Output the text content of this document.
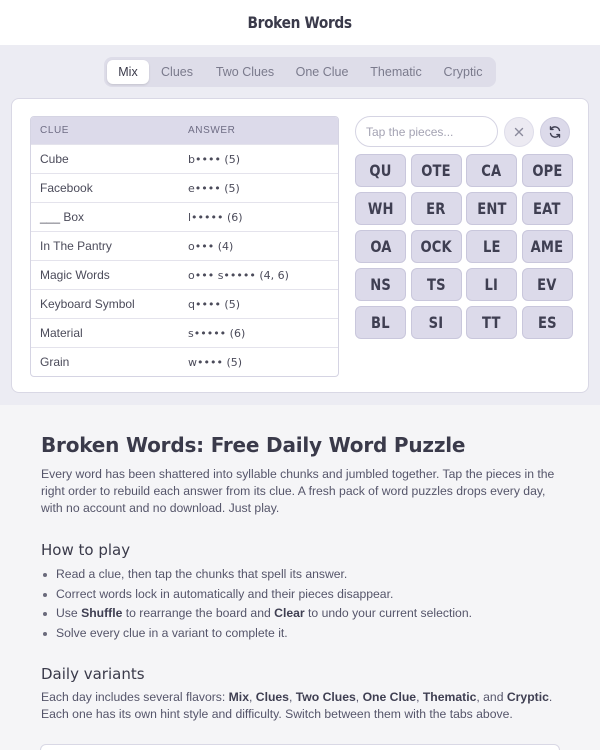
Broken Words
Mix	Clues	Two Clues	One Clue	Thematic	Cryptic
CLUE	ANSWER
Cube	b•••• (5)
Facebook	e•••• (5)
___ Box	l••••• (6)
In The Pantry	o••• (4)
Magic Words	o••• s••••• (4, 6)
Keyboard Symbol	q•••• (5)
Material	s••••• (6)
Grain	w•••• (5)
Tap the pieces...
QU OTE CA OPE
WH ER ENT EAT
OA OCK LE AME
NS TS LI EV
BL SI TT ES
Broken Words: Free Daily Word Puzzle

Every word has been shattered into syllable chunks and jumbled together. Tap the pieces in the right order to rebuild each answer from its clue. A fresh pack of word puzzles drops every day, with no account and no download. Just play.

How to play
Read a clue, then tap the chunks that spell its answer.
Correct words lock in automatically and their pieces disappear.
Use Shuffle to rearrange the board and Clear to undo your current selection.
Solve every clue in a variant to complete it.
Daily variants

Each day includes several flavors: Mix, Clues, Two Clues, One Clue, Thematic, and Cryptic. Each one has its own hint style and difficulty. Switch between them with the tabs above.
